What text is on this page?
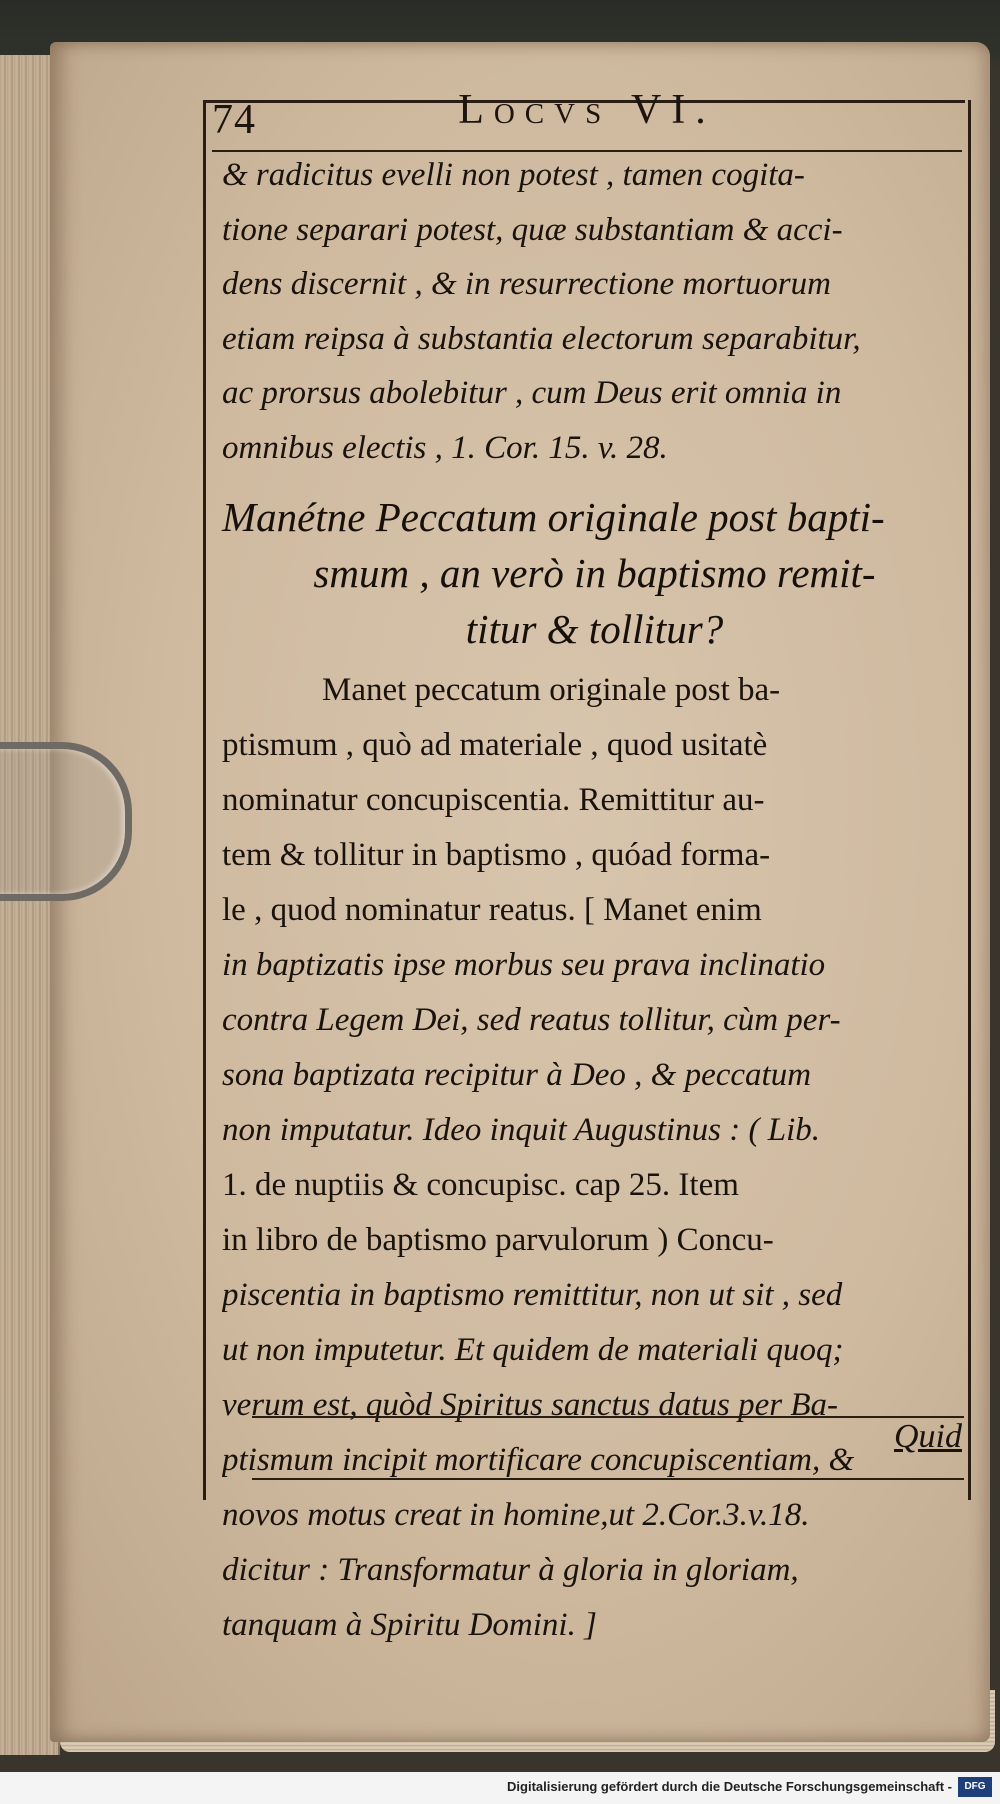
74	Locvs VI.
& radicitus evelli non potest , tamen cogita-
tione separari potest, quæ substantiam & acci-
dens discernit , & in resurrectione mortuorum
etiam reipsa à substantia electorum separabitur,
ac prorsus abolebitur , cum Deus erit omnia in
omnibus electis , 1. Cor. 15. v. 28.
Manétne Peccatum originale post bapti-
smum , an verò in baptismo remit-
titur & tollitur?
Manet peccatum originale post ba-
ptismum , quò ad materiale , quod usitatè
nominatur concupiscentia. Remittitur au-
tem & tollitur in baptismo , quóad forma-
le , quod nominatur reatus. [ Manet enim
in baptizatis ipse morbus seu prava inclinatio
contra Legem Dei, sed reatus tollitur, cùm per-
sona baptizata recipitur à Deo , & peccatum
non imputatur. Ideo inquit Augustinus : ( Lib.
1. de nuptiis & concupisc. cap 25. Item
in libro de baptismo parvulorum ) Concu-
piscentia in baptismo remittitur, non ut sit , sed
ut non imputetur. Et quidem de materiali quoq;
verum est, quòd Spiritus sanctus datus per Ba-
ptismum incipit mortificare concupiscentiam, &
novos motus creat in homine,ut 2.Cor.3.v.18.
dicitur : Transformatur à gloria in gloriam,
tanquam à Spiritu Domini. ]
Quid
Digitalisierung gefördert durch die Deutsche Forschungsgemeinschaft -	DFG
